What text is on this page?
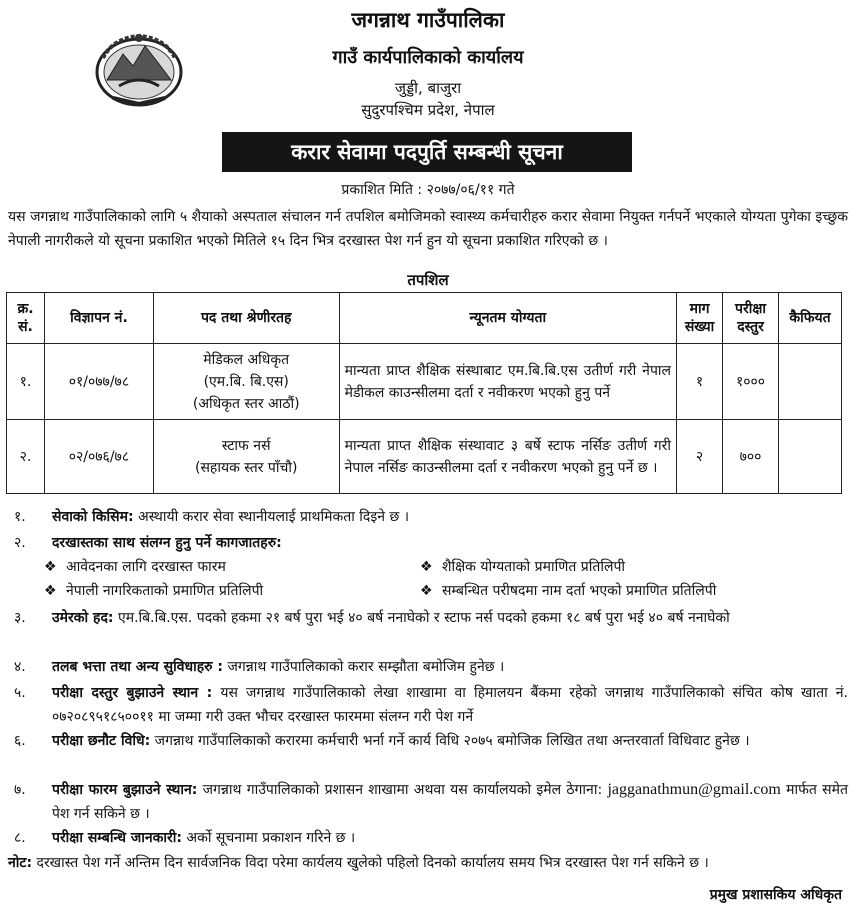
जगन्नाथ गाउँपालिका
गाउँ कार्यपालिकाको कार्यालय
जुड्डी, बाजुरा
सुदुरपश्चिम प्रदेश, नेपाल
करार सेवामा पदपुर्ति सम्बन्धी सूचना
प्रकाशित मिति : २०७७/०६/११ गते
यस जगन्नाथ गाउँपालिकाको लागि ५ शैयाको अस्पताल संचालन गर्न तपशिल बमोजिमको स्वास्थ्य कर्मचारीहरु करार सेवामा नियुक्त गर्नपर्ने भएकाले योग्यता पुगेका इच्छुक नेपाली नागरीकले यो सूचना प्रकाशित भएको मितिले १५ दिन भित्र दरखास्त पेश गर्न हुन यो सूचना प्रकाशित गरिएको छ ।
तपशिल
क्र. सं.	विज्ञापन नं.	पद तथा श्रेणीरतह	न्यूनतम योग्यता	माग संख्या	परीक्षा दस्तुर	कैफियत
१.	०१/०७७/७८	मेडिकल अधिकृत
(एम.बि. बि.एस)
(अधिकृत स्तर आठौं)	मान्यता प्राप्त शैक्षिक संस्थाबाट एम.बि.बि.एस उतीर्ण गरी नेपाल मेडीकल काउन्सीलमा दर्ता र नवीकरण भएको हुनु पर्ने	१	१०००	
२.	०२/०७६/७८	स्टाफ नर्स
(सहायक स्तर पाँचौ)	मान्यता प्राप्त शैक्षिक संस्थावाट ३ बर्षे स्टाफ नर्सिङ उतीर्ण गरी नेपाल नर्सिङ काउन्सीलमा दर्ता र नवीकरण भएको हुनु पर्ने छ ।	२	७००	
१.	सेवाको किसिम: अस्थायी करार सेवा स्थानीयलाई प्राथमिकता दिइने छ ।
२.	दरखास्तका साथ संलग्न हुनु पर्ने कागजातहरु:
❖ आवेदनका लागि दरखास्त फारम	❖ शैक्षिक योग्यताको प्रमाणित प्रतिलिपी
❖ नेपाली नागरिकताको प्रमाणित प्रतिलिपी	❖ सम्बन्धित परीषदमा नाम दर्ता भएको प्रमाणित प्रतिलिपी
३.	उमेरको हद: एम.बि.बि.एस. पदको हकमा २१ बर्ष पुरा भई ४० बर्ष ननाघेको र स्टाफ नर्स पदको हकमा १८ बर्ष पुरा भई ४० बर्ष ननाघेको
४.	तलब भत्ता तथा अन्य सुविधाहरु : जगन्नाथ गाउँपालिकाको करार सम्झौता बमोजिम हुनेछ ।
५.	परीक्षा दस्तुर बुझाउने स्थान : यस जगन्नाथ गाउँपालिकाको लेखा शाखामा वा हिमालयन बैंकमा रहेको जगन्नाथ गाउँपालिकाको संचित कोष खाता नं. ०७२०८९५१८५००११ मा जम्मा गरी उक्त भौचर दरखास्त फारममा संलग्न गरी पेश गर्ने
६.	परीक्षा छनौट विधि: जगन्नाथ गाउँपालिकाको करारमा कर्मचारी भर्ना गर्ने कार्य विधि २०७५ बमोजिक लिखित तथा अन्तरवार्ता विधिवाट हुनेछ ।
७.	परीक्षा फारम बुझाउने स्थान: जगन्नाथ गाउँपालिकाको प्रशासन शाखामा अथवा यस कार्यालयको इमेल ठेगाना: jagganathmun@gmail.com मार्फत समेत पेश गर्न सकिने छ ।
८.	परीक्षा सम्बन्धि जानकारी: अर्को सूचनामा प्रकाशन गरिने छ ।
नोट: दरखास्त पेश गर्ने अन्तिम दिन सार्वजनिक विदा परेमा कार्यलय खुलेको पहिलो दिनको कार्यालय समय भित्र दरखास्त पेश गर्न सकिने छ ।
प्रमुख प्रशासकिय अधिकृत
